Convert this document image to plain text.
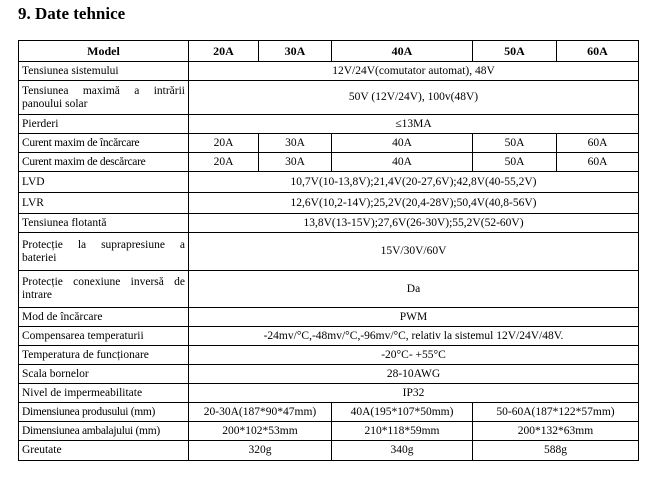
9. Date tehnice
Model	20A	30A	40A	50A	60A
Tensiunea sistemului	12V/24V(comutator automat), 48V				
Tensiunea maximă a intrării panoului solar	50V (12V/24V), 100v(48V)				
Pierderi	≤13MA				
Curent maxim de încărcare	20A	30A	40A	50A	60A
Curent maxim de descărcare	20A	30A	40A	50A	60A
LVD	10,7V(10-13,8V);21,4V(20-27,6V);42,8V(40-55,2V)				
LVR	12,6V(10,2-14V);25,2V(20,4-28V);50,4V(40,8-56V)				
Tensiunea flotantă	13,8V(13-15V);27,6V(26-30V);55,2V(52-60V)				
Protecție la suprapresiune a bateriei	15V/30V/60V				
Protecție conexiune inversă de intrare	Da				
Mod de încărcare	PWM				
Compensarea temperaturii	-24mv/°C,-48mv/°C,-96mv/°C, relativ la sistemul 12V/24V/48V.				
Temperatura de funcționare	-20°C- +55°C				
Scala bornelor	28-10AWG				
Nivel de impermeabilitate	IP32				
Dimensiunea produsului (mm)	20-30A(187*90*47mm)		40A(195*107*50mm)	50-60A(187*122*57mm)	
Dimensiunea ambalajului (mm)	200*102*53mm		210*118*59mm	200*132*63mm	
Greutate	320g		340g	588g	
